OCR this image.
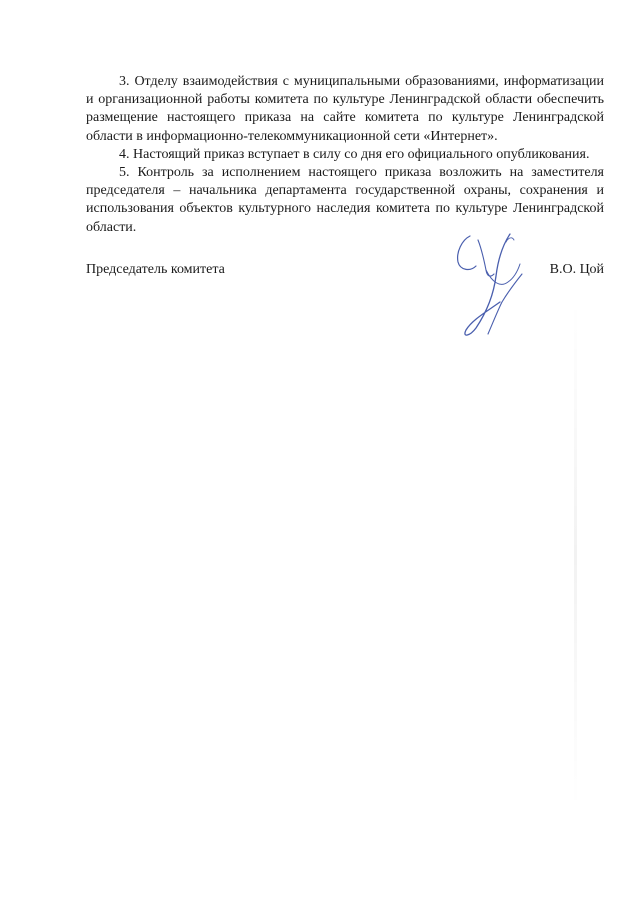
3. Отделу взаимодействия с муниципальными образованиями, информатизации и организационной работы комитета по культуре Ленинградской области обеспечить размещение настоящего приказа на сайте комитета по культуре Ленинградской области в информационно-телекоммуникационной сети «Интернет».

4. Настоящий приказ вступает в силу со дня его официального опубликования.

5. Контроль за исполнением настоящего приказа возложить на заместителя председателя – начальника департамента государственной охраны, сохранения и использования объектов культурного наследия комитета по культуре Ленинградской области.

Председатель комитета	В.О. Цой
